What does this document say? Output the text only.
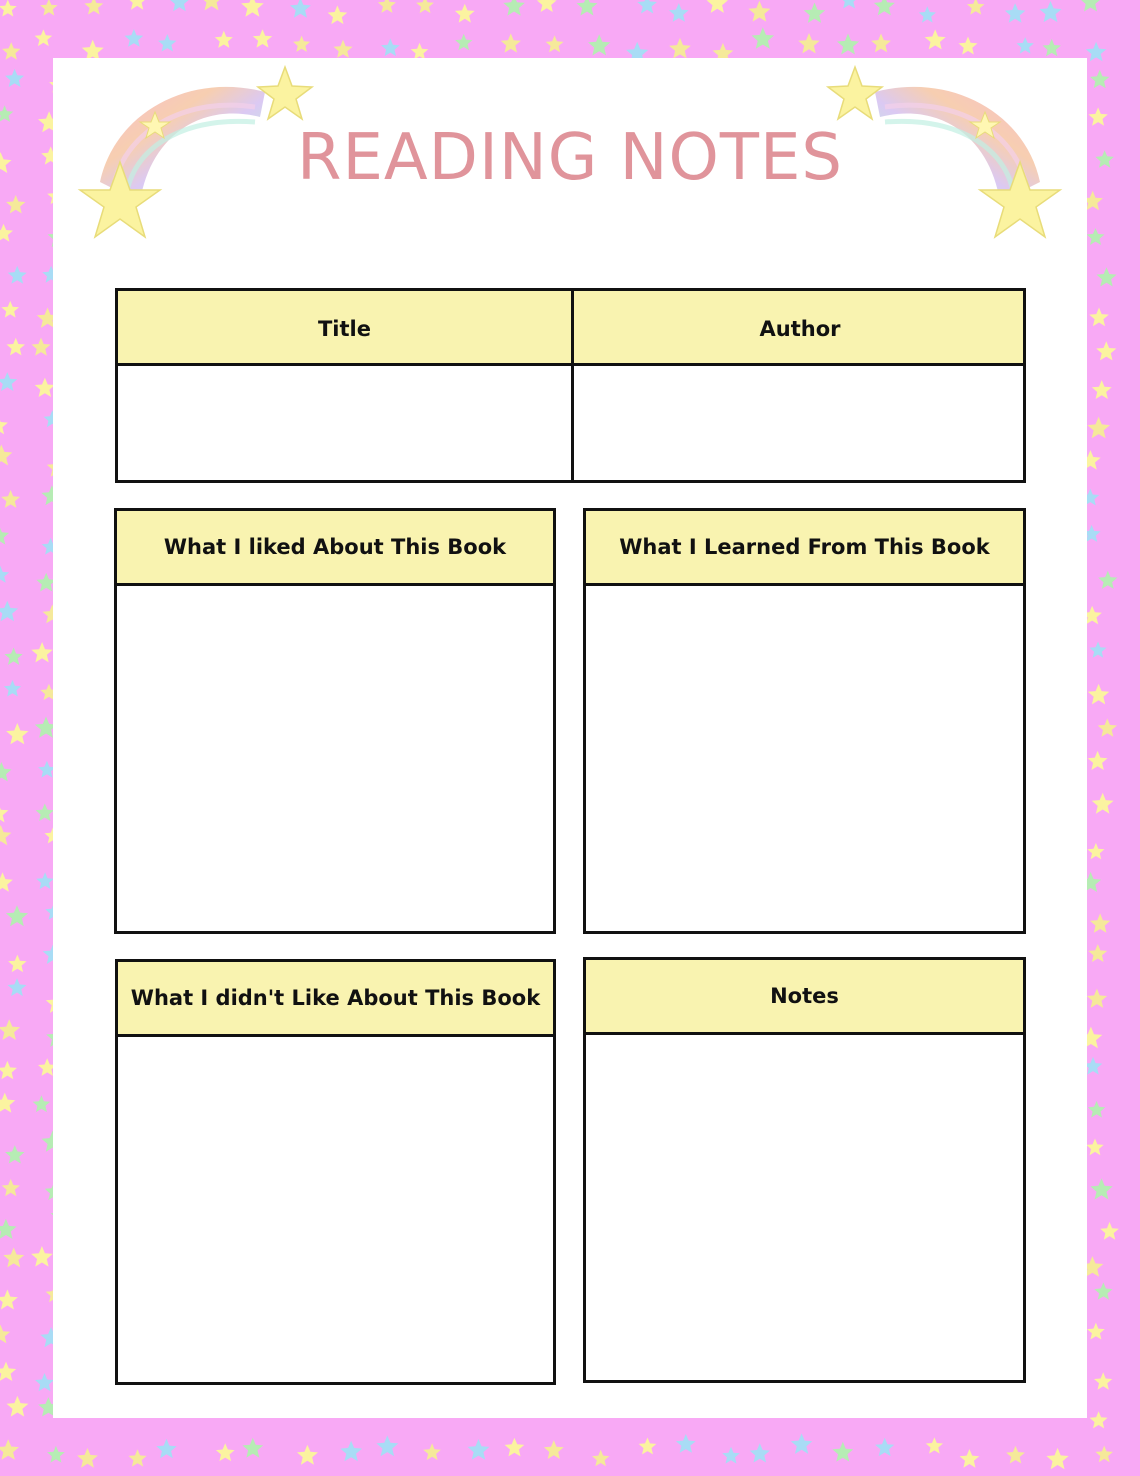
READING NOTES
Title	Author
What I liked About This Book	What I Learned From This Book
What I didn't Like About This Book	Notes
